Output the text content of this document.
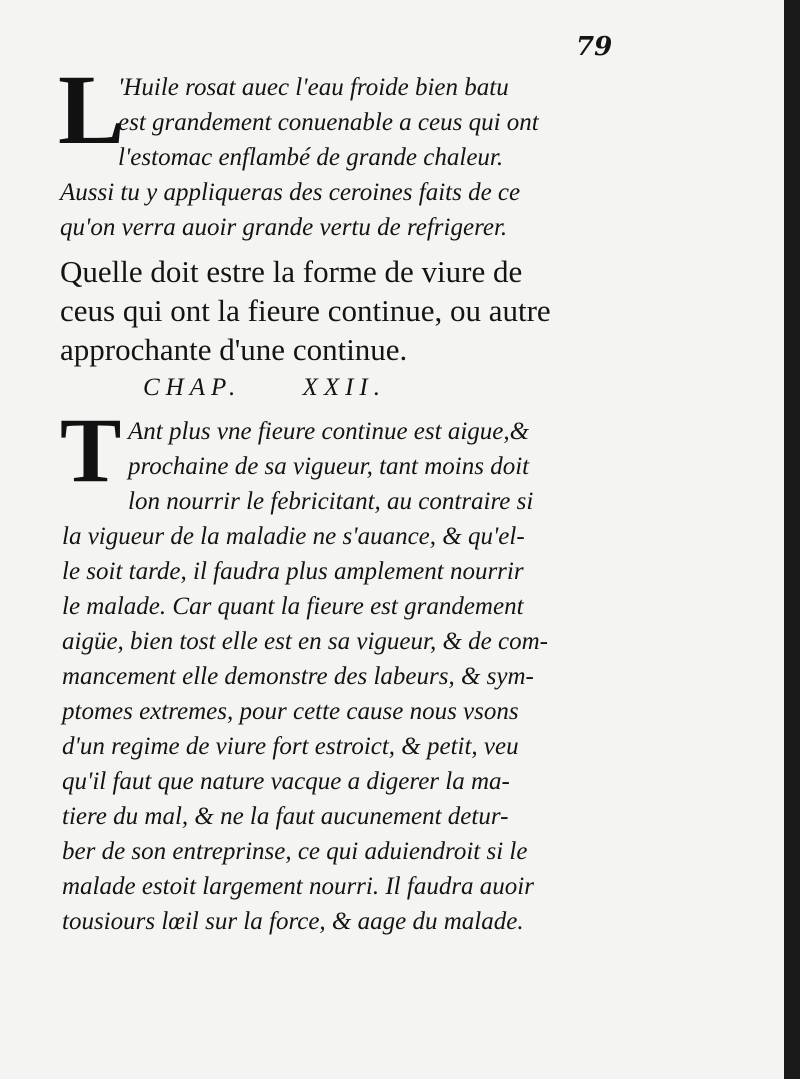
79
L
'Huile rosat auec l'eau froide bien batu
est grandement conuenable a ceus qui ont
l'estomac enflambé de grande chaleur.
Aussi tu y appliqueras des ceroines faits de ce
qu'on verra auoir grande vertu de refrigerer.
Quelle doit estre la forme de viure de
ceus qui ont la fieure continue, ou autre
approchante d'une continue.
CHAP.     XXII.
T Ant plus vne fieure continue est aigue,&
prochaine de sa vigueur, tant moins doit
lon nourrir le febricitant, au contraire si
la vigueur de la maladie ne s'auance, & qu'el-
le soit tarde, il faudra plus amplement nourrir
le malade. Car quant la fieure est grandement
aigüe, bien tost elle est en sa vigueur, & de com-
mancement elle demonstre des labeurs, & sym-
ptomes extremes, pour cette cause nous vsons
d'un regime de viure fort estroict, & petit, veu
qu'il faut que nature vacque a digerer la ma-
tiere du mal, & ne la faut aucunement detur-
ber de son entreprinse, ce qui aduiendroit si le
malade estoit largement nourri. Il faudra auoir
tousiours lœil sur la force, & aage du malade.
